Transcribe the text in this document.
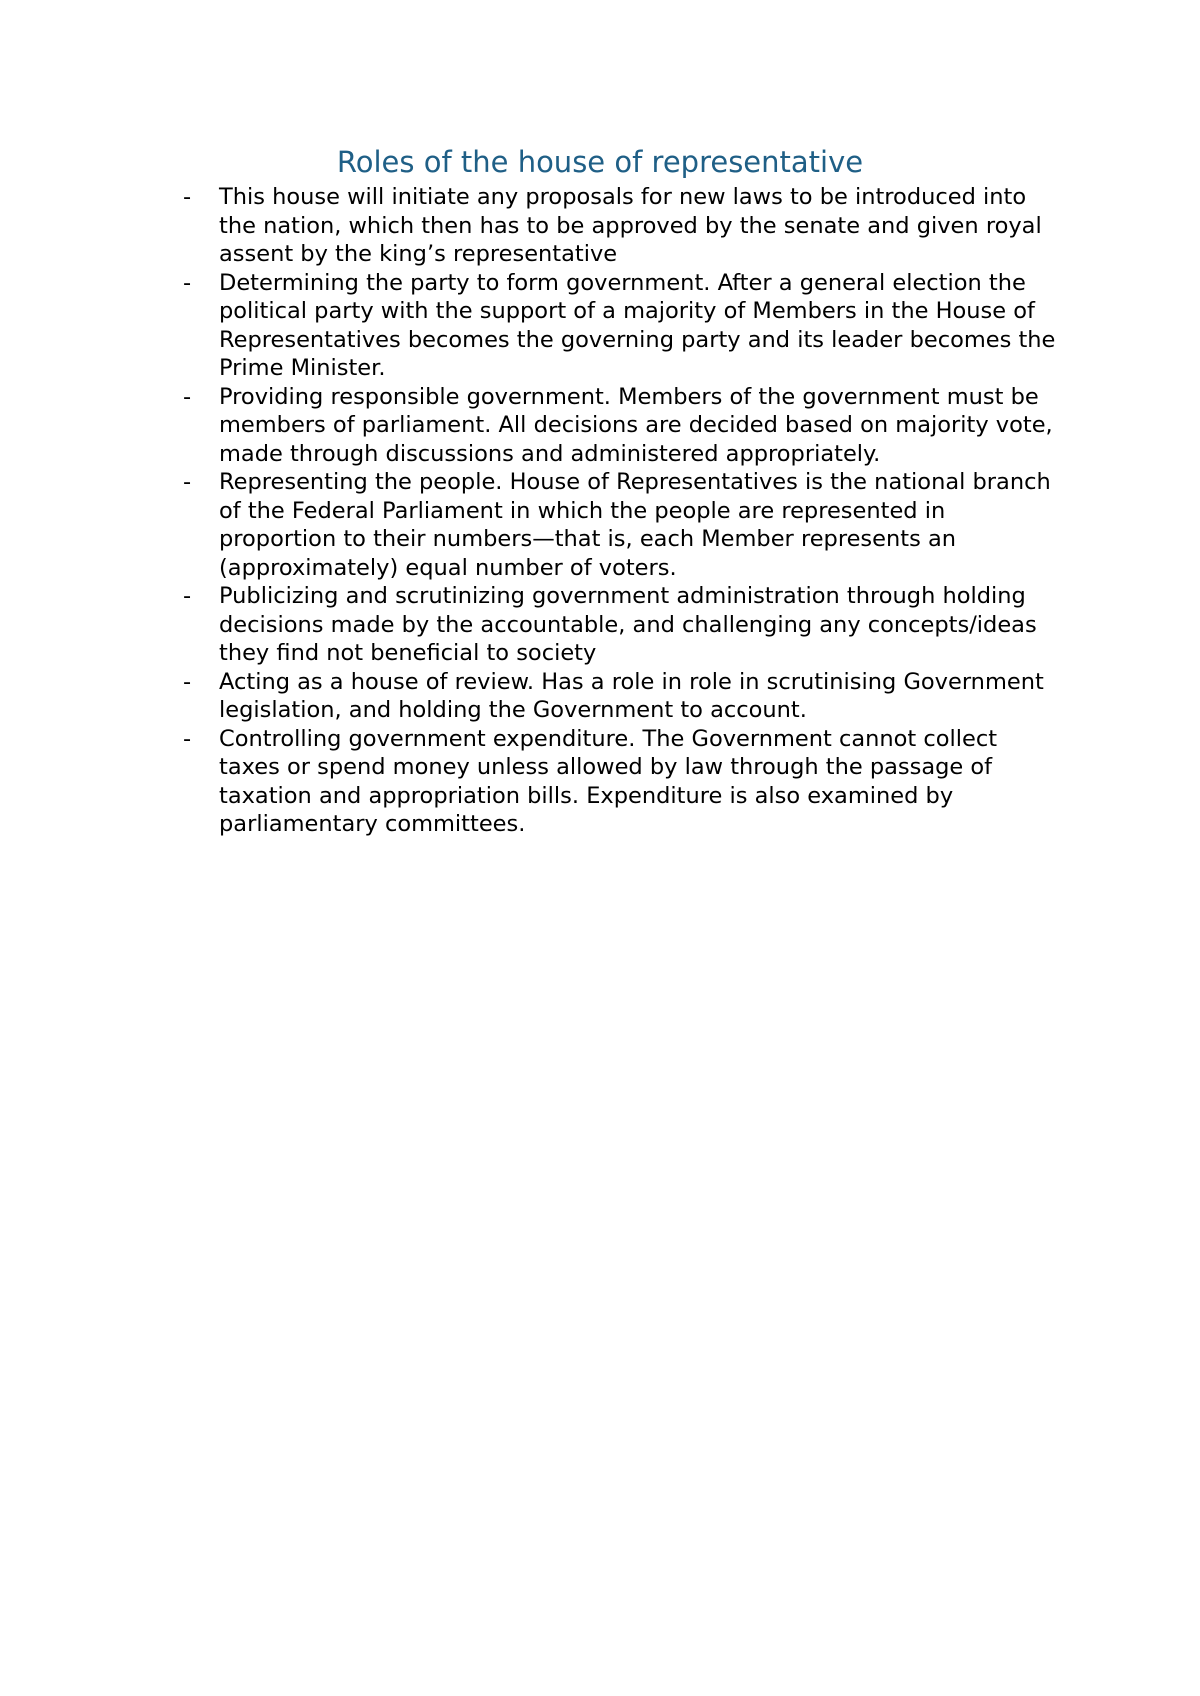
Roles of the house of representative
- This house will initiate any proposals for new laws to be introduced into the nation, which then has to be approved by the senate and given royal assent by the king’s representative
- Determining the party to form government. After a general election the political party with the support of a majority of Members in the House of Representatives becomes the governing party and its leader becomes the Prime Minister.
- Providing responsible government. Members of the government must be members of parliament. All decisions are decided based on majority vote, made through discussions and administered appropriately.
- Representing the people. House of Representatives is the national branch of the Federal Parliament in which the people are represented in proportion to their numbers—that is, each Member represents an (approximately) equal number of voters.
- Publicizing and scrutinizing government administration through holding decisions made by the accountable, and challenging any concepts/ideas they find not beneficial to society
- Acting as a house of review. Has a role in role in scrutinising Government legislation, and holding the Government to account.
- Controlling government expenditure. The Government cannot collect taxes or spend money unless allowed by law through the passage of taxation and appropriation bills. Expenditure is also examined by parliamentary committees.
